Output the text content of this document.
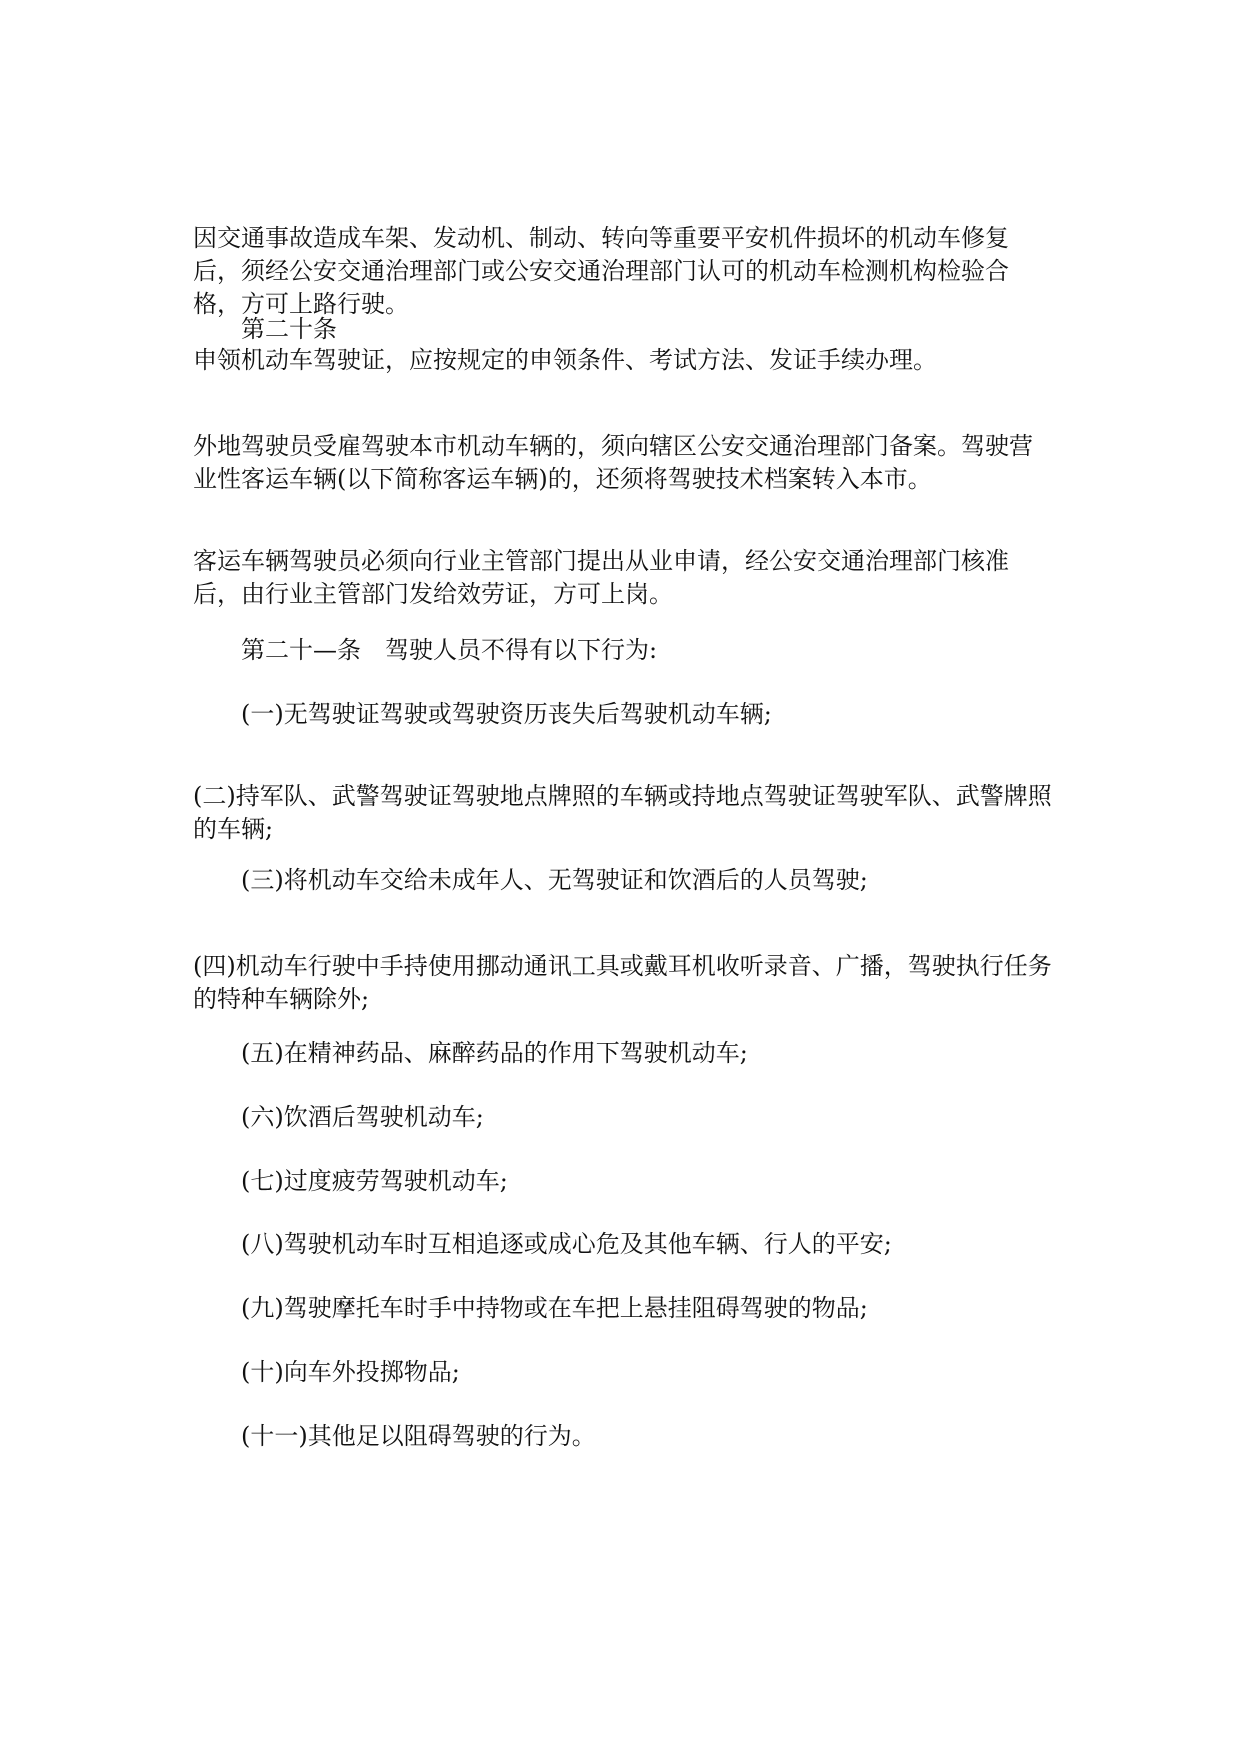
因交通事故造成车架、发动机、制动、转向等重要平安机件损坏的机动车修复后，须经公安交通治理部门或公安交通治理部门认可的机动车检测机构检验合格，方可上路行驶。

第二十条

申领机动车驾驶证，应按规定的申领条件、考试方法、发证手续办理。

外地驾驶员受雇驾驶本市机动车辆的，须向辖区公安交通治理部门备案。驾驶营业性客运车辆(以下简称客运车辆)的，还须将驾驶技术档案转入本市。

客运车辆驾驶员必须向行业主管部门提出从业申请，经公安交通治理部门核准后，由行业主管部门发给效劳证，方可上岗。

第二十—条　驾驶人员不得有以下行为:

(一)无驾驶证驾驶或驾驶资历丧失后驾驶机动车辆;

(二)持军队、武警驾驶证驾驶地点牌照的车辆或持地点驾驶证驾驶军队、武警牌照的车辆;

(三)将机动车交给未成年人、无驾驶证和饮酒后的人员驾驶;

(四)机动车行驶中手持使用挪动通讯工具或戴耳机收听录音、广播，驾驶执行任务的特种车辆除外;

(五)在精神药品、麻醉药品的作用下驾驶机动车;

(六)饮酒后驾驶机动车;

(七)过度疲劳驾驶机动车;

(八)驾驶机动车时互相追逐或成心危及其他车辆、行人的平安;

(九)驾驶摩托车时手中持物或在车把上悬挂阻碍驾驶的物品;

(十)向车外投掷物品;

(十一)其他足以阻碍驾驶的行为。
